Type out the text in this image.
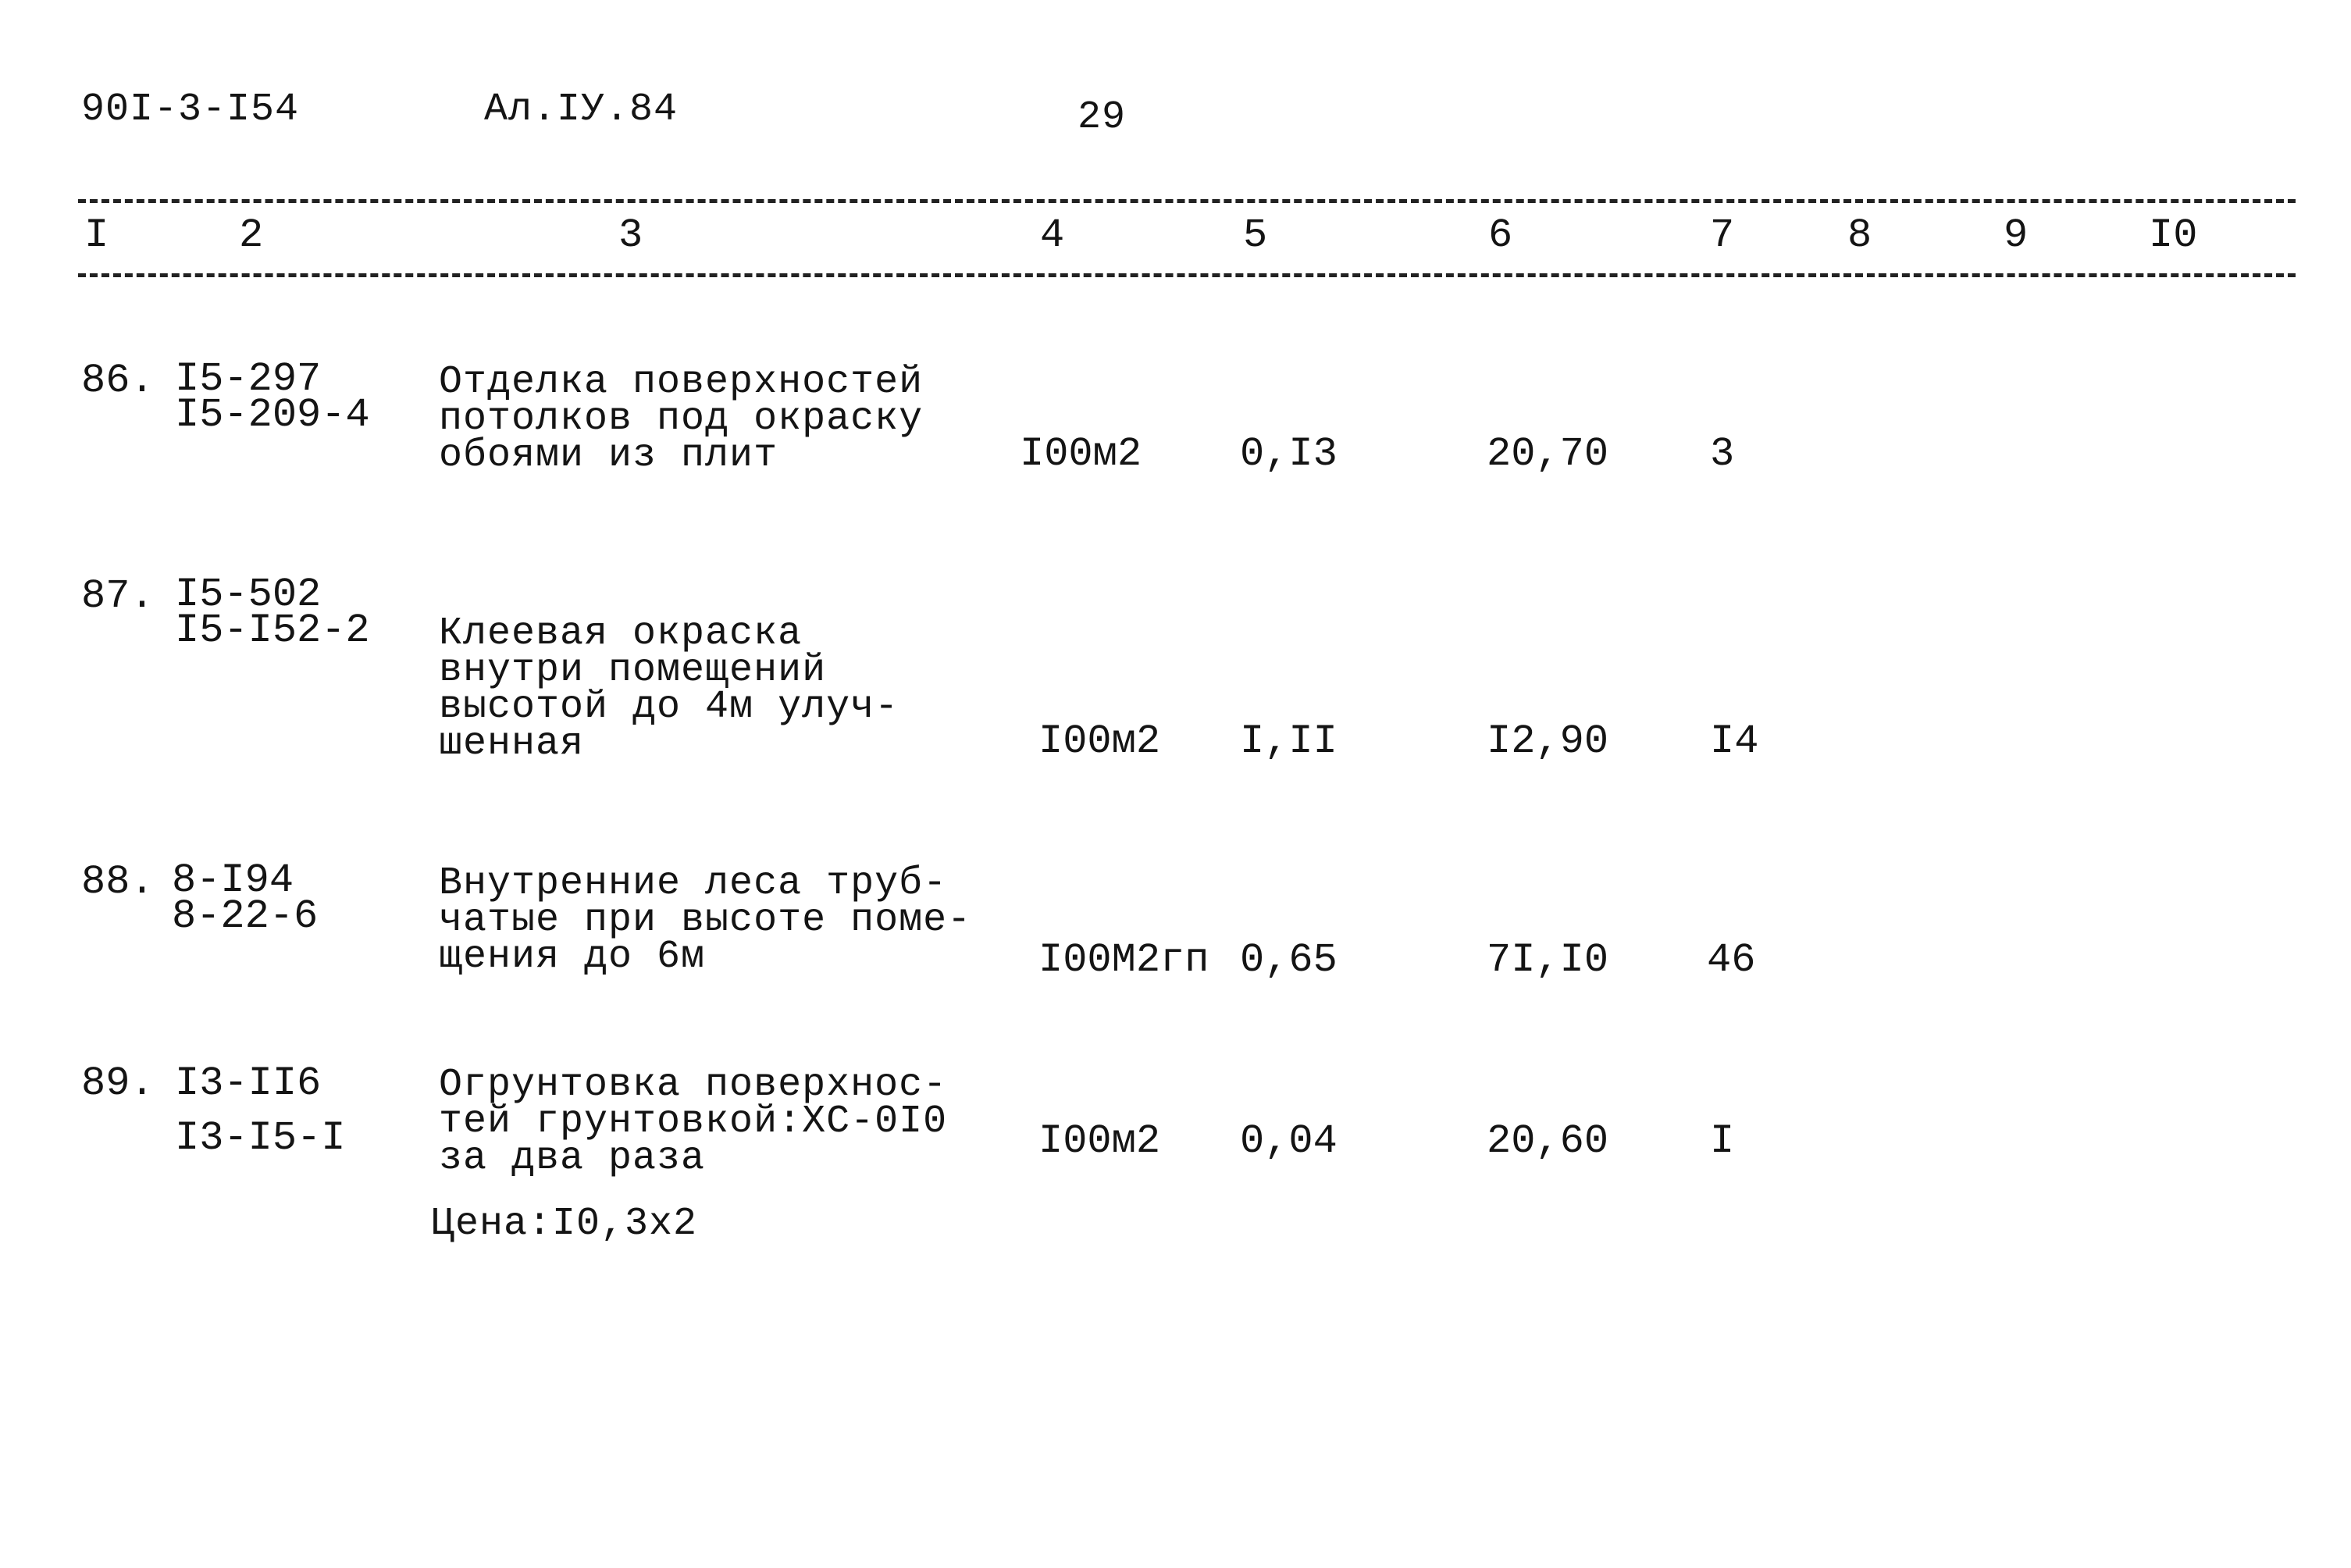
90I-3-I54	Ал.IУ.84	29
I	2	3	4	5	6	7	8	9	I0
86. I5-297
I5-209-4
Отделка поверхностей
потолков под окраску
обоями из плит	I00м2 0,I3	20,70 3
87. I5-502
I5-I52-2 Клеевая окраска
внутри помещений
высотой до 4м улуч-
шенная	I00м2 I,II	I2,90 I4
88. 8-I94
8-22-6
Внутренние леса труб-
чатые при высоте поме-
щения до 6м	I00М2гп 0,65	7I,I0 46
89. I3-II6
I3-I5-I
Огрунтовка поверхнос-
тей грунтовкой:ХС-0I0
за два раза	I00м2 0,04	20,60 I
Цена:I0,3х2
